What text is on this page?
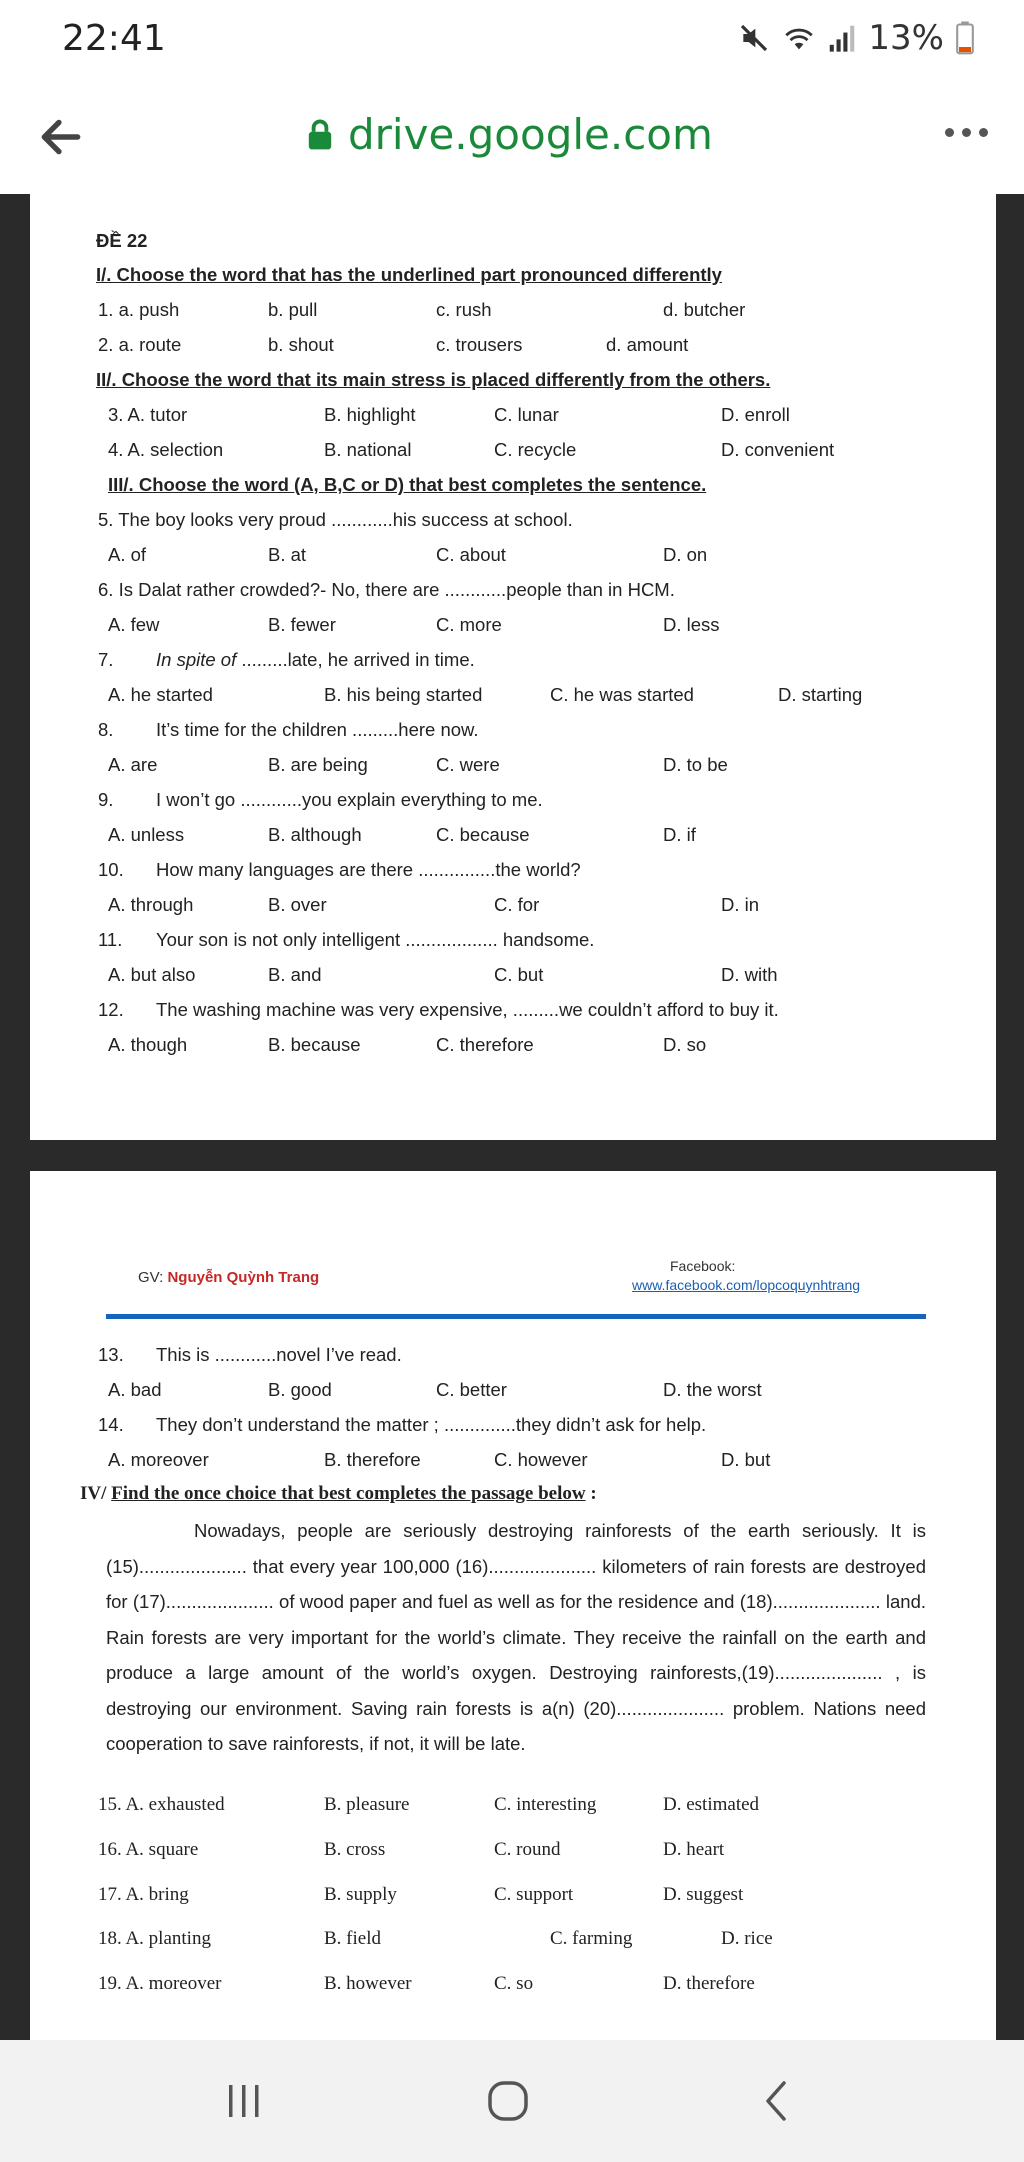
22:41	13%
drive.google.com
ĐỀ 22
I/. Choose the word that has the underlined part pronounced differently
1. a. push	b. pull	c. rush	d. butcher
2. a. route	b. shout	c. trousers	d. amount
II/. Choose the word that its main stress is placed differently from the others.
3. A. tutor	B. highlight	C. lunar	D. enroll
4. A. selection	B. national	C. recycle	D. convenient
III/. Choose the word (A, B,C or D) that best completes the sentence.
5. The boy looks very proud ............his success at school.
A. of	B. at	C. about	D. on
6. Is Dalat rather crowded?- No, there are ............people than in HCM.
A. few	B. fewer	C. more	D. less
7. In spite of .........late, he arrived in time.
A. he started	B. his being started	C. he was started	D. starting
8. It’s time for the children .........here now.
A. are	B. are being	C. were	D. to be
9. I won’t go ............you explain everything to me.
A. unless	B. although	C. because	D. if
10. How many languages are there ...............the world?
A. through	B. over	C. for	D. in
11. Your son is not only intelligent .................. handsome.
A. but also	B. and	C. but	D. with
12. The washing machine was very expensive, .........we couldn’t afford to buy it.
A. though	B. because	C. therefore	D. so
GV: Nguyễn Quỳnh Trang
Facebook:
www.facebook.com/lopcoquynhtrang
13. This is ............novel I’ve read.
A. bad	B. good	C. better	D. the worst
14. They don’t understand the matter ; ..............they didn’t ask for help.
A. moreover	B. therefore	C. however	D. but
IV/ Find the once choice that best completes the passage below :
Nowadays, people are seriously destroying rainforests of the earth seriously. It is (15)..................... that every year 100,000 (16)..................... kilometers of rain forests are destroyed for (17)..................... of wood paper and fuel as well as for the residence and (18)..................... land. Rain forests are very important for the world’s climate. They receive the rainfall on the earth and produce a large amount of the world’s oxygen. Destroying rainforests,(19)..................... , is destroying our environment. Saving rain forests is a(n) (20)..................... problem. Nations need cooperation to save rainforests, if not, it will be late.
15. A. exhausted	B. pleasure	C. interesting	D. estimated
16. A. square	B. cross	C. round	D. heart
17. A. bring	B. supply	C. support	D. suggest
18. A. planting	B. field	C. farming	D. rice
19. A. moreover	B. however	C. so	D. therefore
